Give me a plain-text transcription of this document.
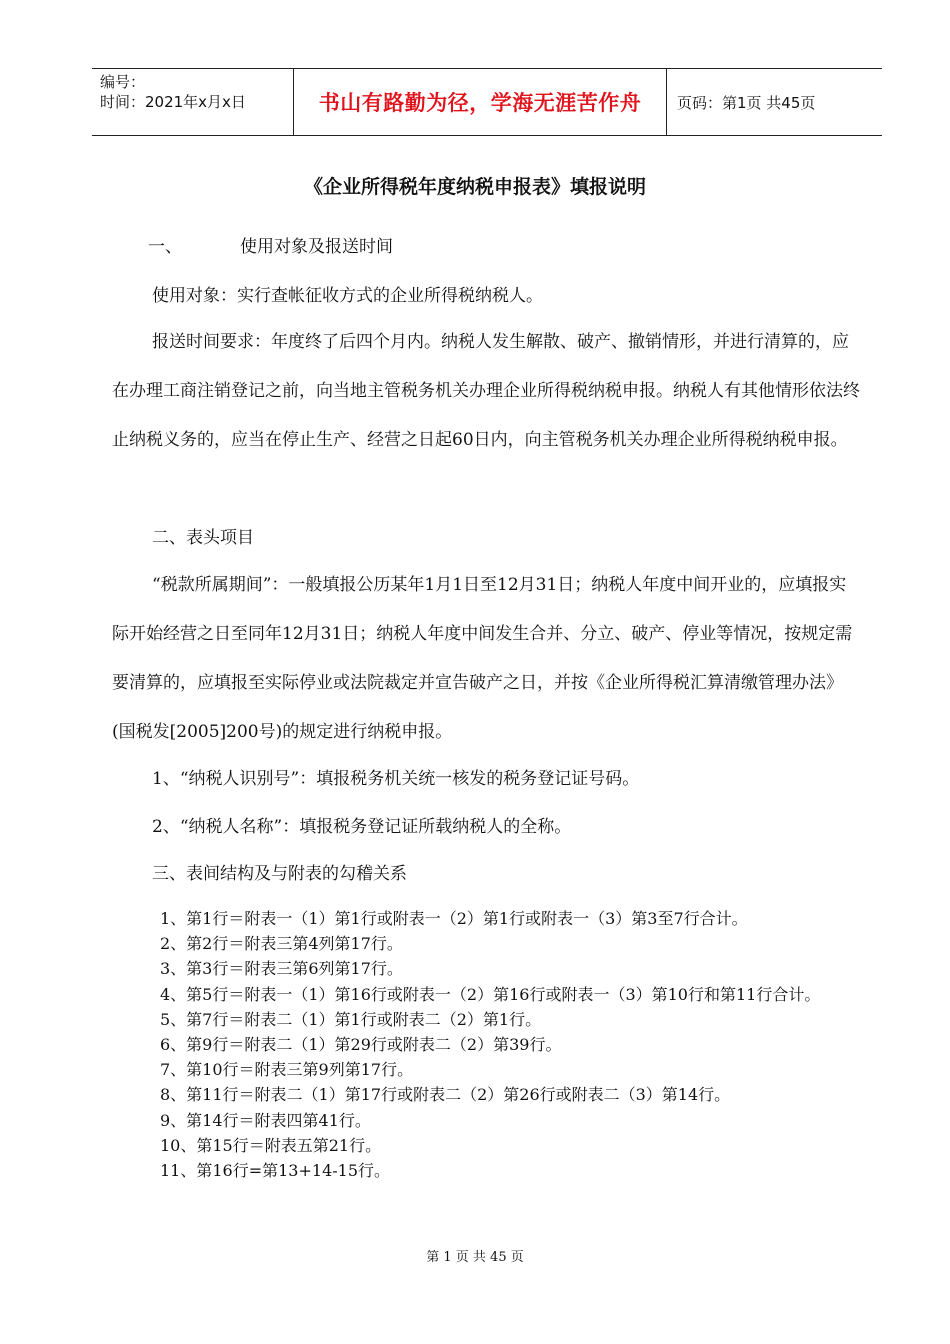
编号：
时间：2021年x月x日	书山有路勤为径，学海无涯苦作舟	页码：第1页 共45页
《企业所得税年度纳税申报表》填报说明

一、	使用对象及报送时间

使用对象：实行查帐征收方式的企业所得税纳税人。

报送时间要求：年度终了后四个月内。纳税人发生解散、破产、撤销情形，并进行清算的，应在办理工商注销登记之前，向当地主管税务机关办理企业所得税纳税申报。纳税人有其他情形依法终止纳税义务的，应当在停止生产、经营之日起60日内，向主管税务机关办理企业所得税纳税申报。

二、表头项目

“税款所属期间”：一般填报公历某年1月1日至12月31日；纳税人年度中间开业的，应填报实际开始经营之日至同年12月31日；纳税人年度中间发生合并、分立、破产、停业等情况，按规定需要清算的，应填报至实际停业或法院裁定并宣告破产之日，并按《企业所得税汇算清缴管理办法》(国税发[2005]200号)的规定进行纳税申报。

1、“纳税人识别号”：填报税务机关统一核发的税务登记证号码。

2、“纳税人名称”：填报税务登记证所载纳税人的全称。

三、表间结构及与附表的勾稽关系

1、第1行＝附表一（1）第1行或附表一（2）第1行或附表一（3）第3至7行合计。
2、第2行＝附表三第4列第17行。
3、第3行＝附表三第6列第17行。
4、第5行＝附表一（1）第16行或附表一（2）第16行或附表一（3）第10行和第11行合计。
5、第7行＝附表二（1）第1行或附表二（2）第1行。
6、第9行＝附表二（1）第29行或附表二（2）第39行。
7、第10行＝附表三第9列第17行。
8、第11行＝附表二（1）第17行或附表二（2）第26行或附表二（3）第14行。
9、第14行＝附表四第41行。
10、第15行＝附表五第21行。
11、第16行=第13+14-15行。
第 1 页 共 45 页
